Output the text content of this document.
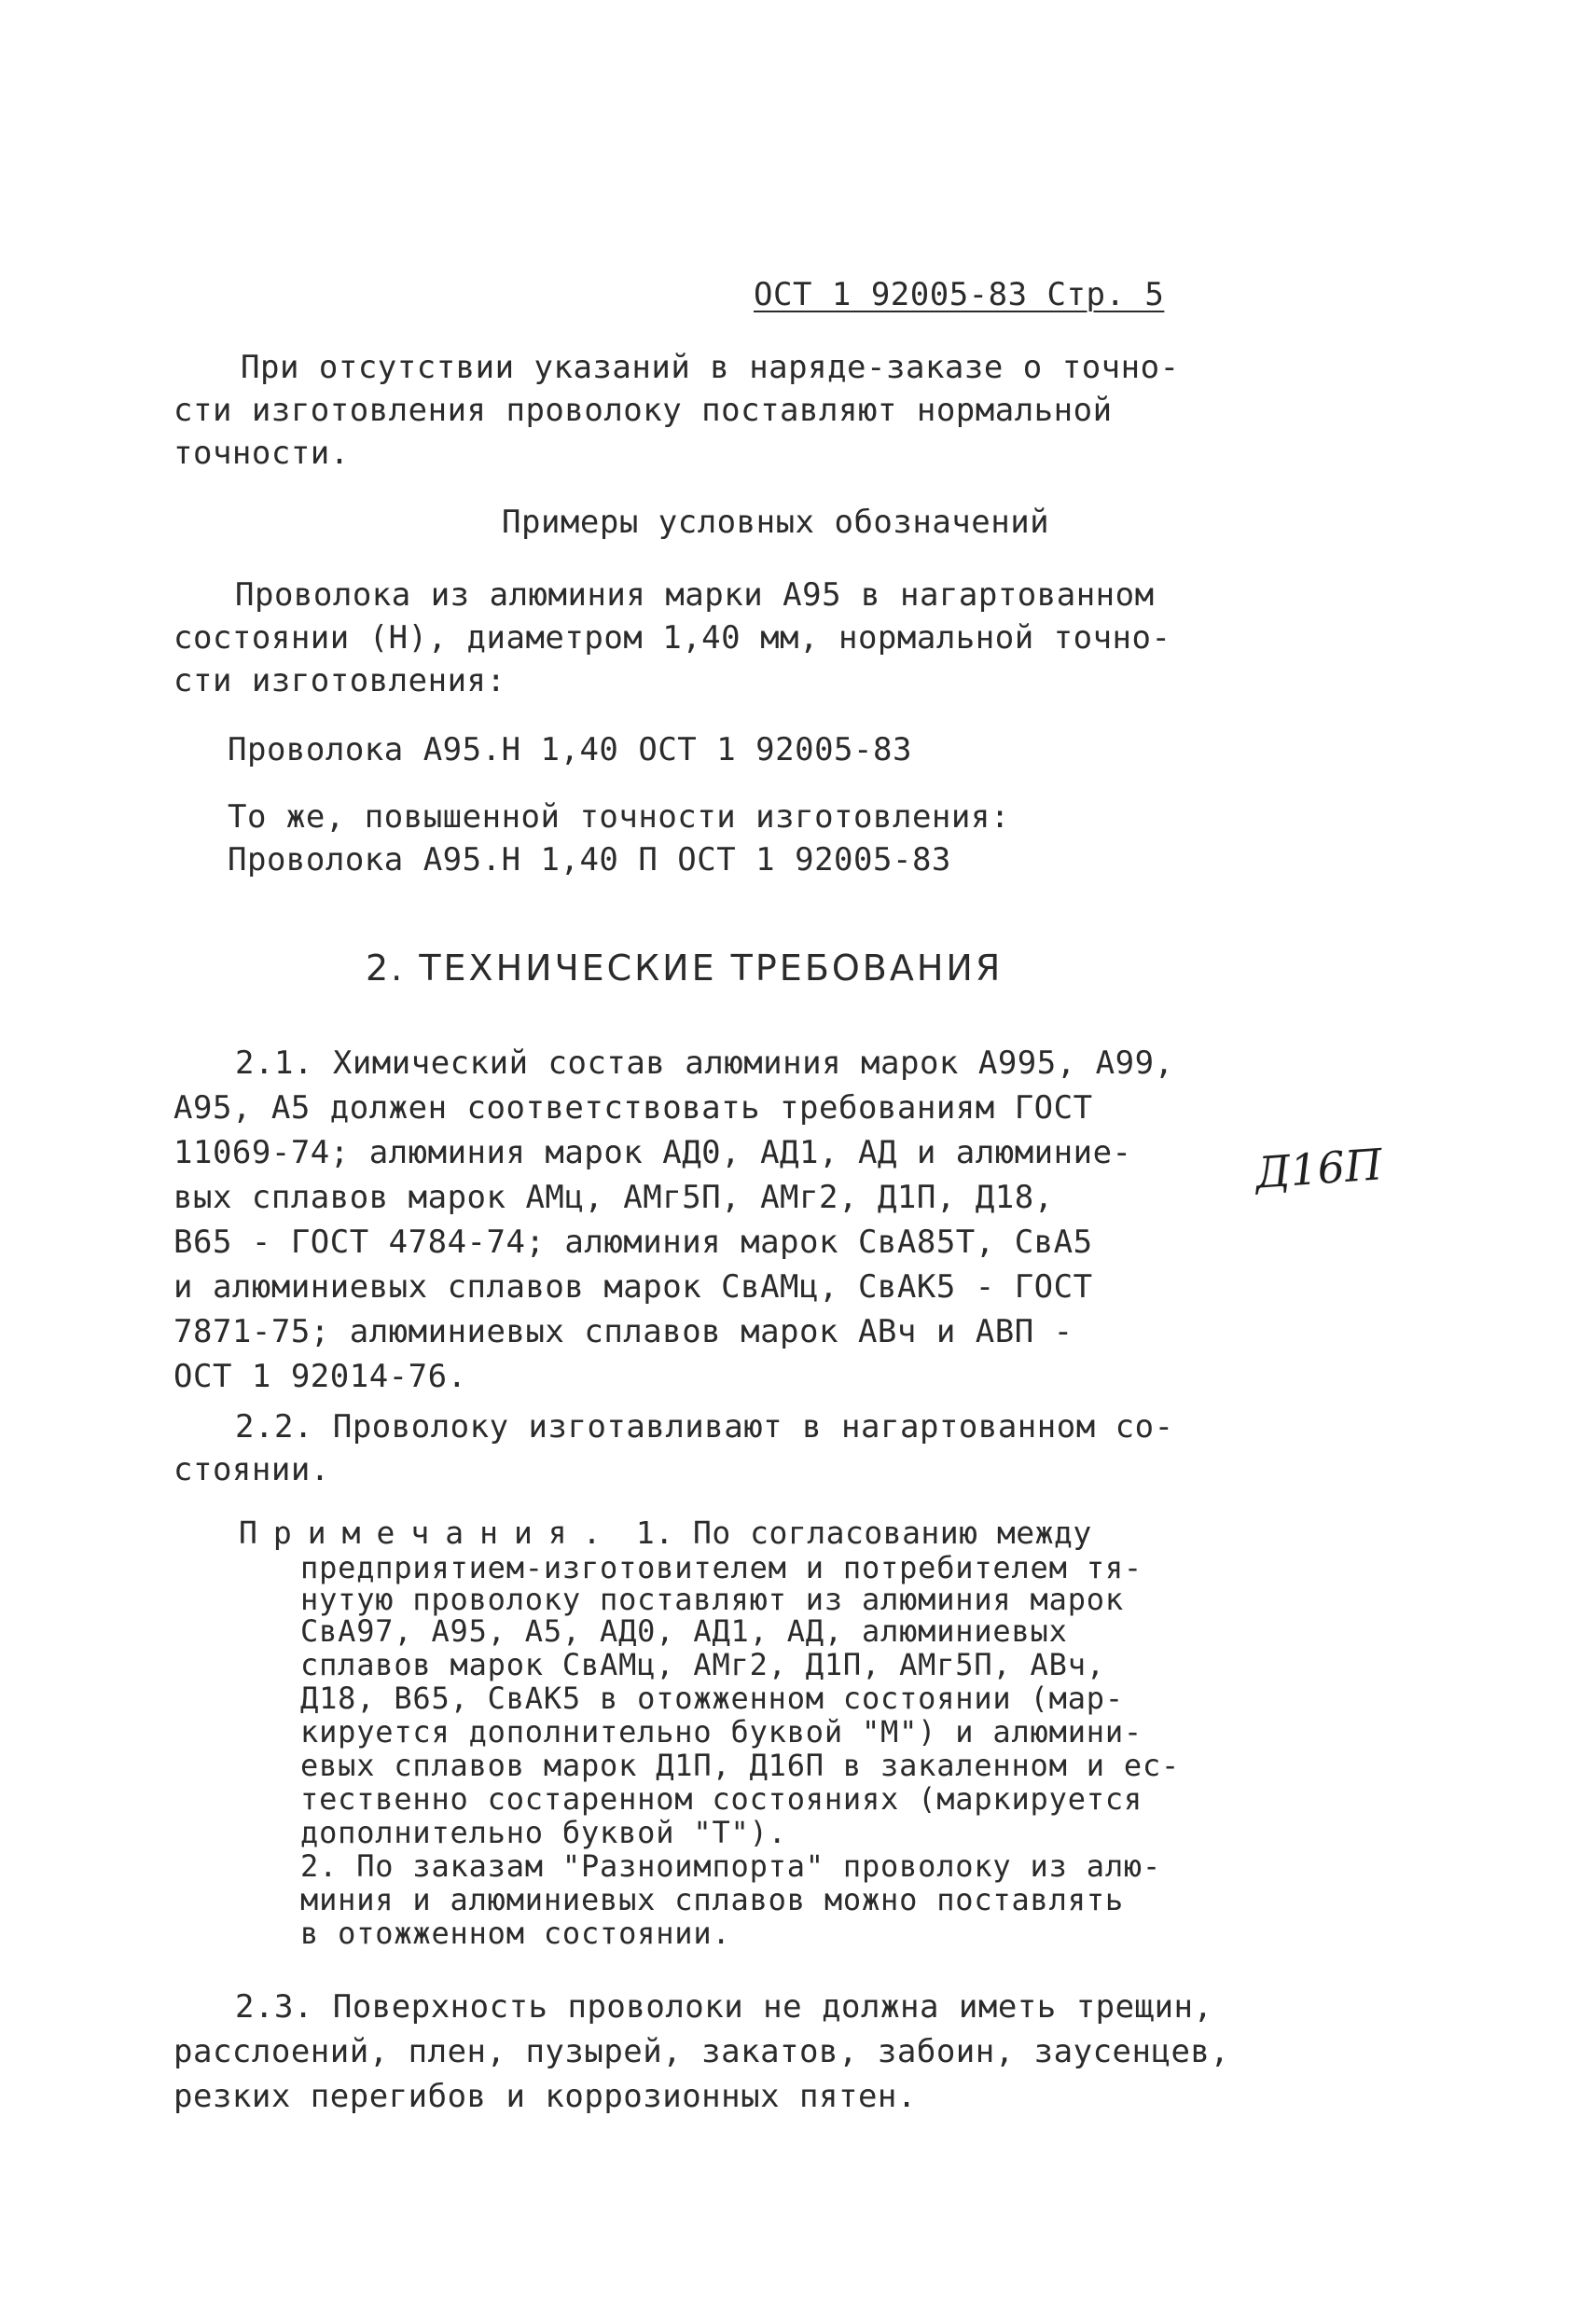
ОСТ 1 92005-83 Стр. 5
При отсутствии указаний в наряде-заказе о точно-
сти изготовления проволоку поставляют нормальной
точности.
Примеры условных обозначений
Проволока из алюминия марки А95 в нагартованном
состоянии (Н), диаметром 1,40 мм, нормальной точно-
сти изготовления:
Проволока А95.Н 1,40 ОСТ 1 92005-83
То же, повышенной точности изготовления:
Проволока А95.Н 1,40 П ОСТ 1 92005-83
2. ТЕХНИЧЕСКИЕ ТРЕБОВАНИЯ
2.1. Химический состав алюминия марок А995, А99,
А95, А5 должен соответствовать требованиям ГОСТ
11069-74; алюминия марок АД0, АД1, АД и алюминие-
вых сплавов марок АМц, АМг5П, АМг2, Д1П, Д18,
В65 - ГОСТ 4784-74; алюминия марок СвА85Т, СвА5
и алюминиевых сплавов марок СвАМц, СвАК5 - ГОСТ
7871-75; алюминиевых сплавов марок АВч и АВП -
ОСТ 1 92014-76.
Д16П
2.2. Проволоку изготавливают в нагартованном со-
стоянии.
Примечания. 1. По согласованию между
предприятием-изготовителем и потребителем тя-
нутую проволоку поставляют из алюминия марок
СвА97, А95, А5, АД0, АД1, АД, алюминиевых
сплавов марок СвАМц, АМг2, Д1П, АМг5П, АВч,
Д18, В65, СвАК5 в отожженном состоянии (мар-
кируется дополнительно буквой "М") и алюмини-
евых сплавов марок Д1П, Д16П в закаленном и ес-
тественно состаренном состояниях (маркируется
дополнительно буквой "Т").
2. По заказам "Разноимпорта" проволоку из алю-
миния и алюминиевых сплавов можно поставлять
в отожженном состоянии.
2.3. Поверхность проволоки не должна иметь трещин,
расслоений, плен, пузырей, закатов, забоин, заусенцев,
резких перегибов и коррозионных пятен.
